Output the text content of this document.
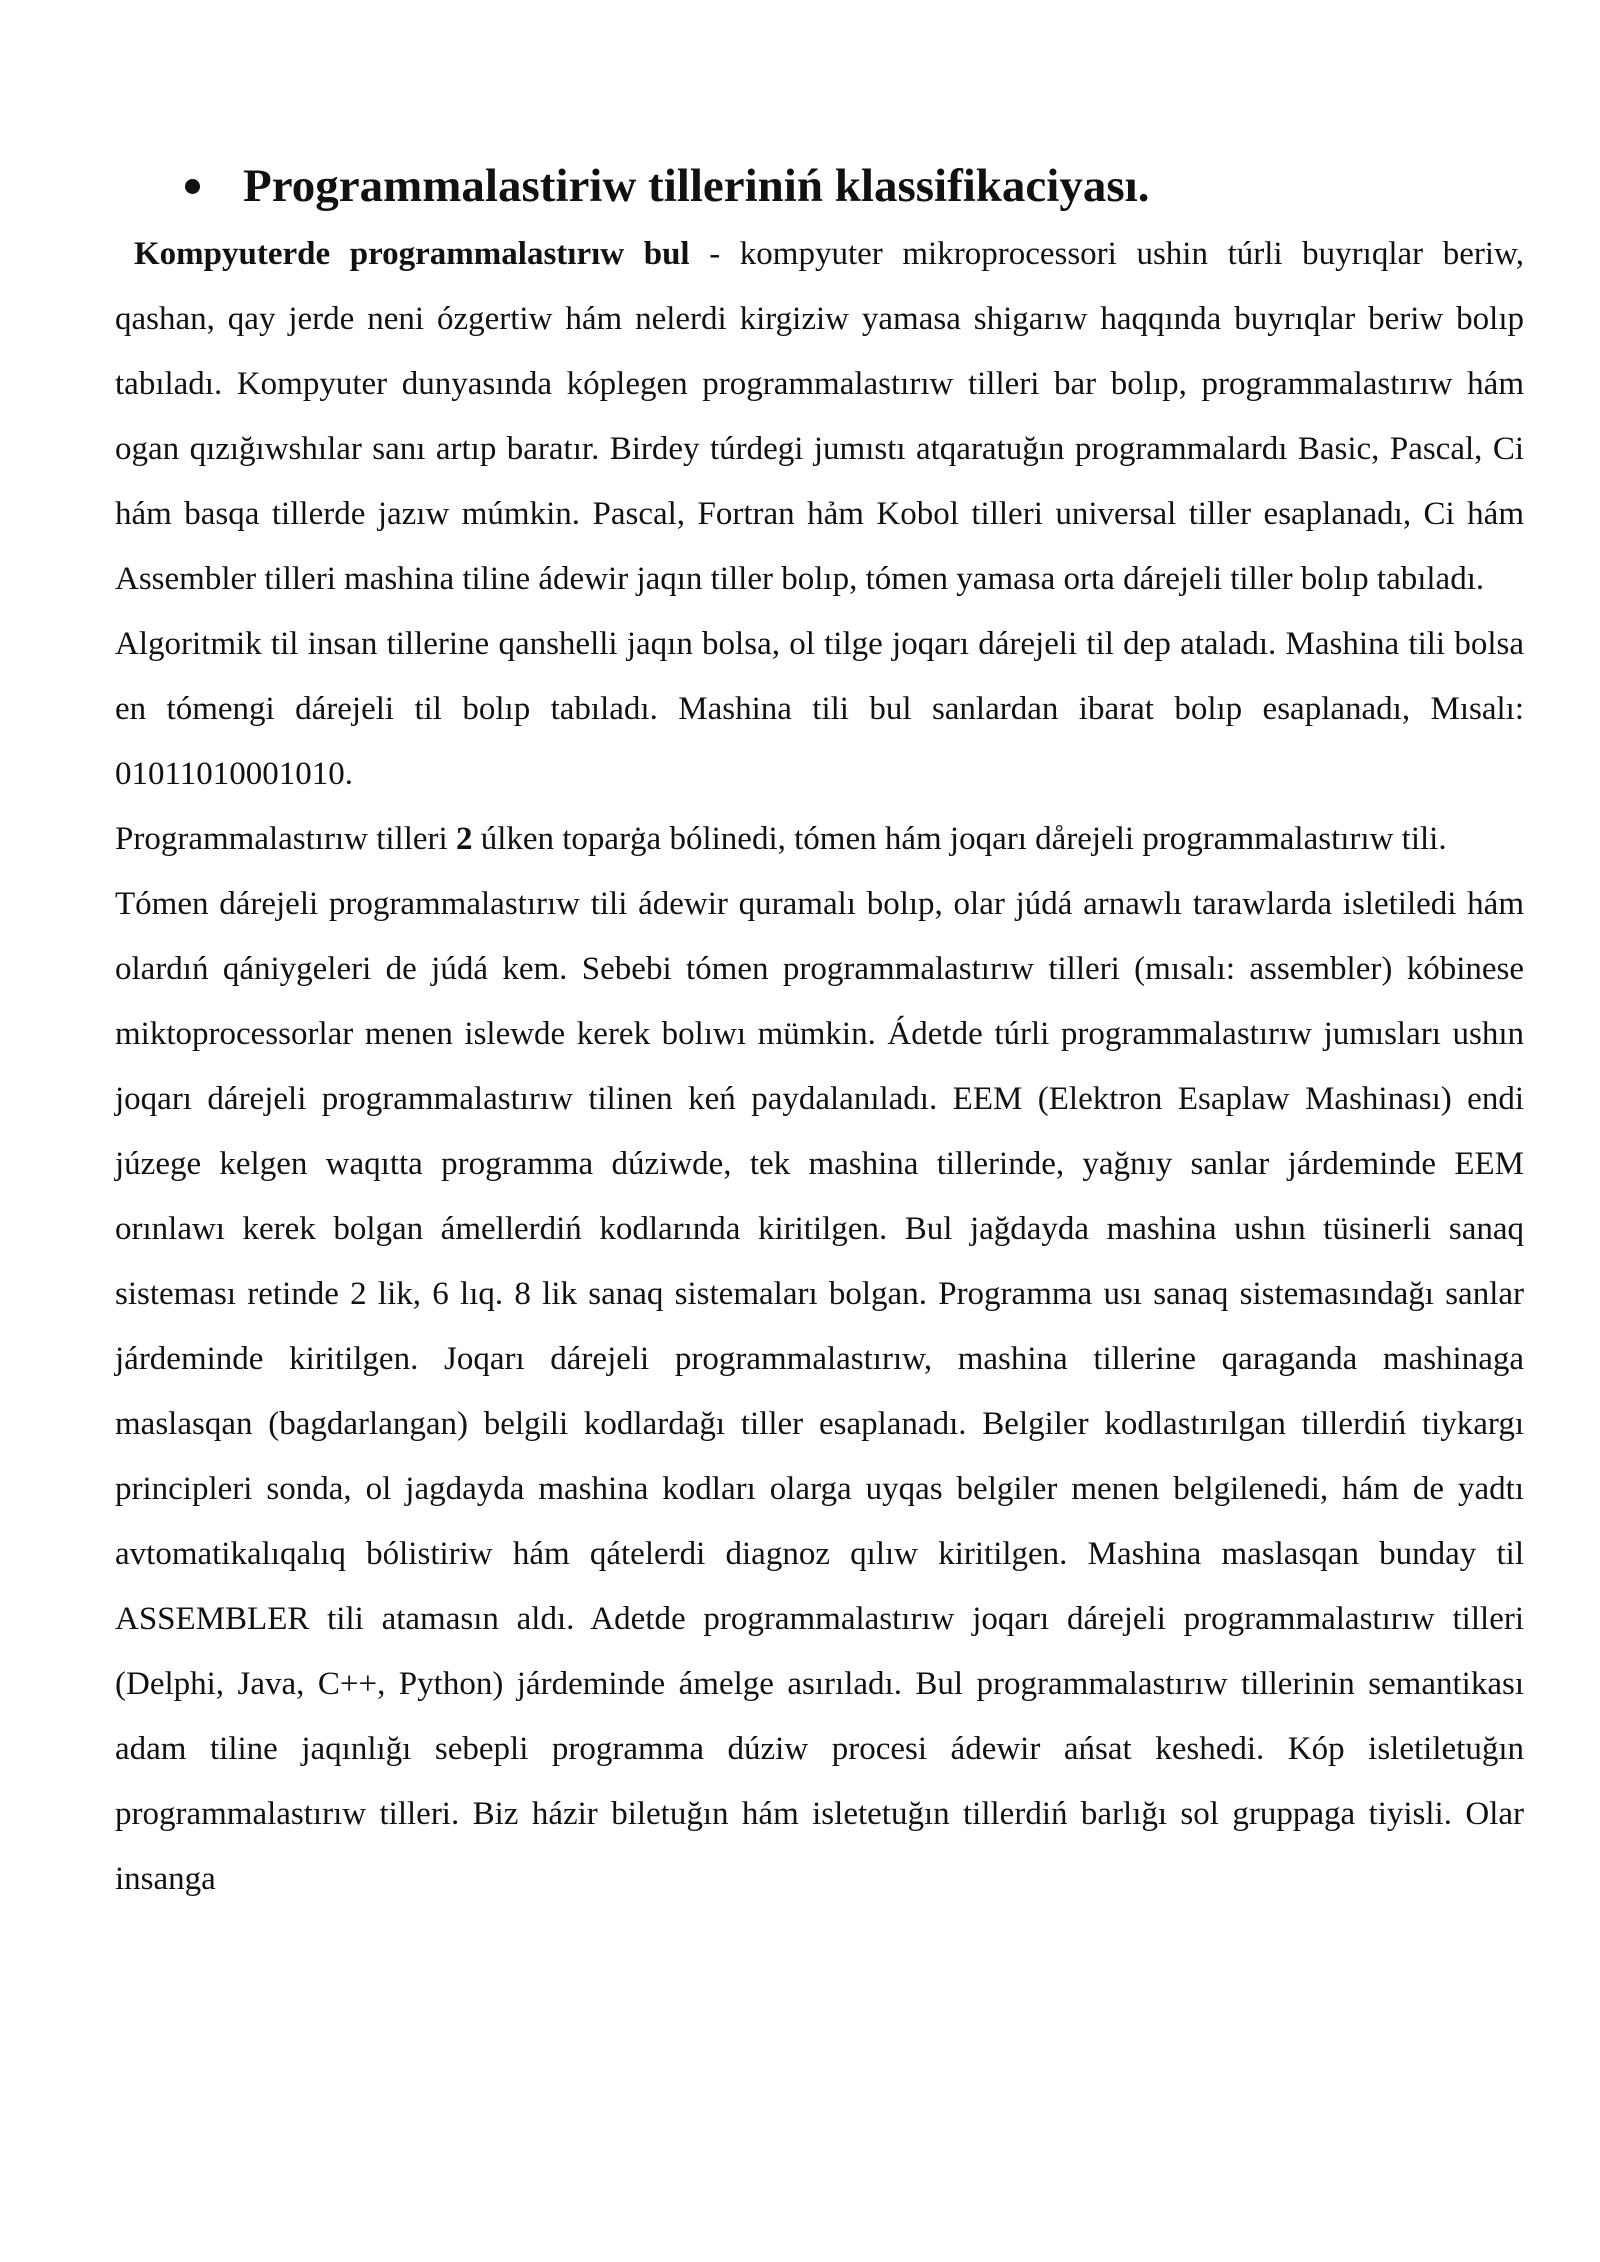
Programmalastiriw tilleriniń klassifikaciyası.

Kompyuterde programmalastırıw bul - kompyuter mikroprocessori ushin túrli buyrıqlar beriw, qashan, qay jerde neni ózgertiw hám nelerdi kirgiziw yamasa shigarıw haqqında buyrıqlar beriw bolıp tabıladı. Kompyuter dunyasında kóplegen programmalastırıw tilleri bar bolıp, programmalastırıw hám ogan qızığıwshılar sanı artıp baratır. Birdey túrdegi jumıstı atqaratuğın programmalardı Basic, Pascal, Ci hám basqa tillerde jazıw múmkin. Pascal, Fortran hảm Kobol tilleri universal tiller esaplanadı, Ci hám Assembler tilleri mashina tiline ádewir jaqın tiller bolıp, tómen yamasa orta dárejeli tiller bolıp tabıladı.

Algoritmik til insan tillerine qanshelli jaqın bolsa, ol tilge joqarı dárejeli til dep ataladı. Mashina tili bolsa en tómengi dárejeli til bolıp tabıladı. Mashina tili bul sanlardan ibarat bolıp esaplanadı, Mısalı: 01011010001010.

Programmalastırıw tilleri 2 úlken toparġa bólinedi, tómen hám joqarı dårejeli programmalastırıw tili.

Tómen dárejeli programmalastırıw tili ádewir quramalı bolıp, olar júdá arnawlı tarawlarda isletiledi hám olardıń qániygeleri de júdá kem. Sebebi tómen programmalastırıw tilleri (mısalı: assembler) kóbinese miktoprocessorlar menen islewde kerek bolıwı mümkin. Ádetde túrli programmalastırıw jumısları ushın joqarı dárejeli programmalastırıw tilinen keń paydalanıladı. EEM (Elektron Esaplaw Mashinası) endi júzege kelgen waqıtta programma dúziwde, tek mashina tillerinde, yağnıy sanlar járdeminde EEM orınlawı kerek bolgan ámellerdiń kodlarında kiritilgen. Bul jağdayda mashina ushın tüsinerli sanaq sisteması retinde 2 lik, 6 lıq. 8 lik sanaq sistemaları bolgan. Programma usı sanaq sistemasındağı sanlar járdeminde kiritilgen. Joqarı dárejeli programmalastırıw, mashina tillerine qaraganda mashinaga maslasqan (bagdarlangan) belgili kodlardağı tiller esaplanadı. Belgiler kodlastırılgan tillerdiń tiykargı principleri sonda, ol jagdayda mashina kodları olarga uyqas belgiler menen belgilenedi, hám de yadtı avtomatikalıqalıq bólistiriw hám qátelerdi diagnoz qılıw kiritilgen. Mashina maslasqan bunday til ASSEMBLER tili atamasın aldı. Adetde programmalastırıw joqarı dárejeli programmalastırıw tilleri (Delphi, Java, C++, Python) járdeminde ámelge asırıladı. Bul programmalastırıw tillerinin semantikası adam tiline jaqınlığı sebepli programma dúziw procesi ádewir ańsat keshedi. Kóp isletiletuğın programmalastırıw tilleri. Biz házir biletuğın hám isletetuğın tillerdiń barlığı sol gruppaga tiyisli. Olar insanga
